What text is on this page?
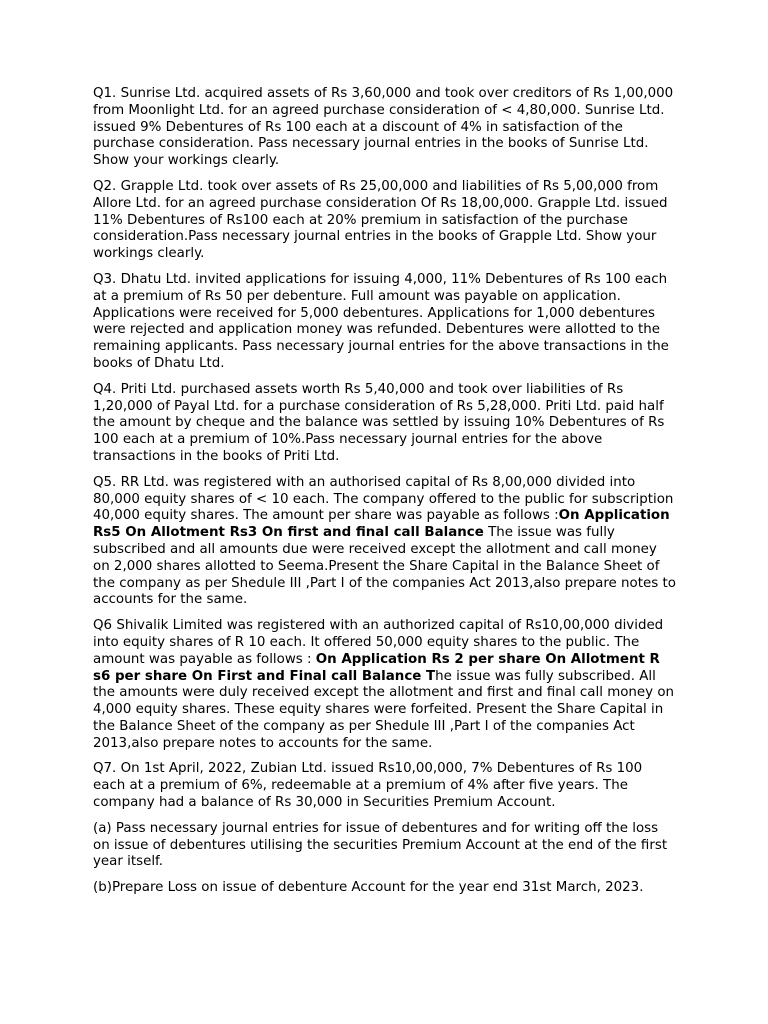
Q1. Sunrise Ltd. acquired assets of Rs 3,60,000 and took over creditors of Rs 1,00,000 from Moonlight Ltd. for an agreed purchase consideration of < 4,80,000. Sunrise Ltd. issued 9% Debentures of Rs 100 each at a discount of 4% in satisfaction of the purchase consideration. Pass necessary journal entries in the books of Sunrise Ltd. Show your workings clearly.

Q2. Grapple Ltd. took over assets of Rs 25,00,000 and liabilities of Rs 5,00,000 from Allore Ltd. for an agreed purchase consideration Of Rs 18,00,000. Grapple Ltd. issued 11% Debentures of Rs100 each at 20% premium in satisfaction of the purchase consideration.Pass necessary journal entries in the books of Grapple Ltd. Show your workings clearly.

Q3. Dhatu Ltd. invited applications for issuing 4,000, 11% Debentures of Rs 100 each at a premium of Rs 50 per debenture. Full amount was payable on application. Applications were received for 5,000 debentures. Applications for 1,000 debentures were rejected and application money was refunded. Debentures were allotted to the remaining applicants. Pass necessary journal entries for the above transactions in the books of Dhatu Ltd.

Q4. Priti Ltd. purchased assets worth Rs 5,40,000 and took over liabilities of Rs 1,20,000 of Payal Ltd. for a purchase consideration of Rs 5,28,000. Priti Ltd. paid half the amount by cheque and the balance was settled by issuing 10% Debentures of Rs 100 each at a premium of 10%.Pass necessary journal entries for the above transactions in the books of Priti Ltd.

Q5. RR Ltd. was registered with an authorised capital of Rs 8,00,000 divided into 80,000 equity shares of < 10 each. The company offered to the public for subscription 40,000 equity shares. The amount per share was payable as follows :On Application Rs5 On Allotment Rs3 On first and final call Balance The issue was fully subscribed and all amounts due were received except the allotment and call money on 2,000 shares allotted to Seema.Present the Share Capital in the Balance Sheet of the company as per Shedule III ,Part I of the companies Act 2013,also prepare notes to accounts for the same.

Q6 Shivalik Limited was registered with an authorized capital of Rs10,00,000 divided into equity shares of R 10 each. It offered 50,000 equity shares to the public. The amount was payable as follows : On Application Rs 2 per share On Allotment R s6 per share On First and Final call Balance The issue was fully subscribed. All the amounts were duly received except the allotment and first and final call money on 4,000 equity shares. These equity shares were forfeited. Present the Share Capital in the Balance Sheet of the company as per Shedule III ,Part I of the companies Act 2013,also prepare notes to accounts for the same.

Q7. On 1st April, 2022, Zubian Ltd. issued Rs10,00,000, 7% Debentures of Rs 100 each at a premium of 6%, redeemable at a premium of 4% after five years. The company had a balance of Rs 30,000 in Securities Premium Account.

(a) Pass necessary journal entries for issue of debentures and for writing off the loss on issue of debentures utilising the securities Premium Account at the end of the first year itself.

(b)Prepare Loss on issue of debenture Account for the year end 31st March, 2023.
